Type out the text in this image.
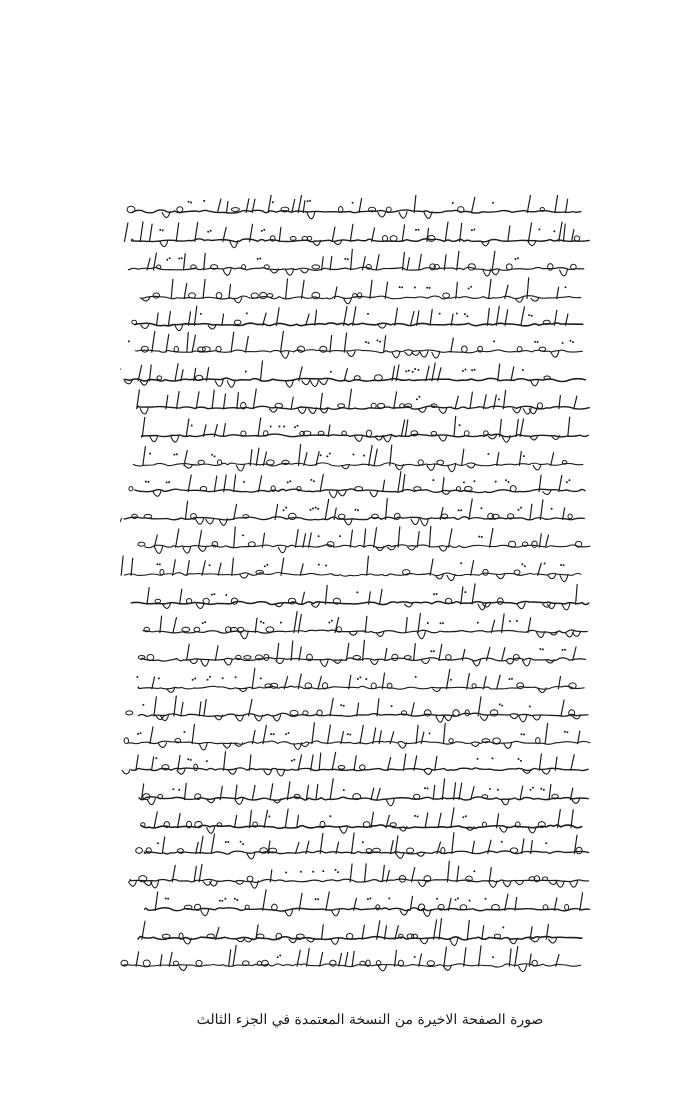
صورة الصفحة الاخيرة من النسخة المعتمدة في الجزء الثالث
